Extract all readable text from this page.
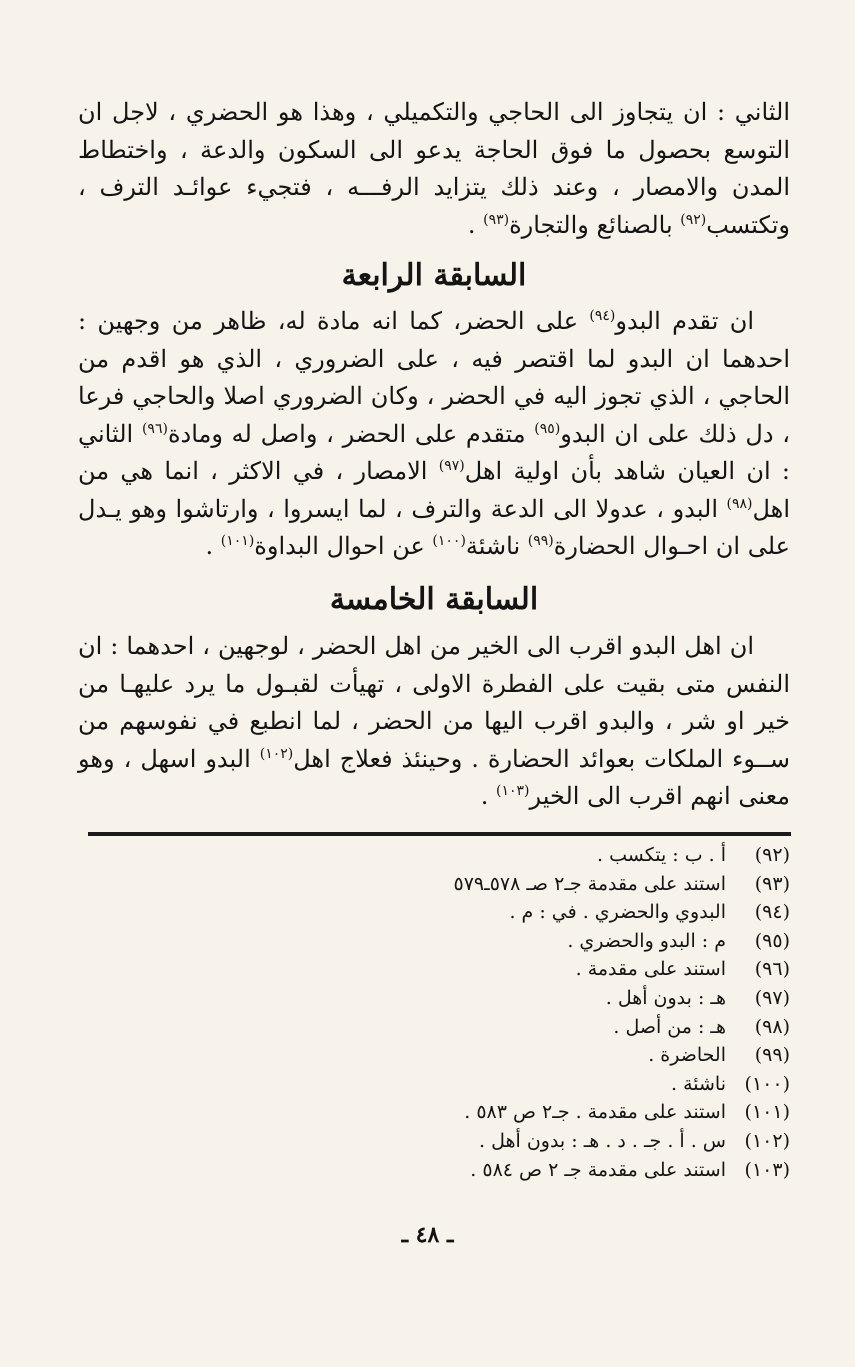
الثاني : ان يتجاوز الى الحاجي والتكميلي ، وهذا هو الحضري ، لاجل ان التوسع بحصول ما فوق الحاجة يدعو الى السكون والدعة ، واختطاط المدن والامصار ، وعند ذلك يتزايد الرفـــه ، فتجيء عوائـد الترف ، وتكتسب$^{(٩٢)}$ بالصنائع والتجارة$^{(٩٣)}$ .

السابقة الرابعة

ان تقدم البدو$^{(٩٤)}$ على الحضر، كما انه مادة له، ظاهر من وجهين : احدهما ان البدو لما اقتصر فيه ، على الضروري ، الذي هو اقدم من الحاجي ، الذي تجوز اليه في الحضر ، وكان الضروري اصلا والحاجي فرعا ، دل ذلك على ان البدو$^{(٩٥)}$ متقدم على الحضر ، واصل له ومادة$^{(٩٦)}$ الثاني : ان العيان شاهد بأن اولية اهل$^{(٩٧)}$ الامصار ، في الاكثر ، انما هي من اهل$^{(٩٨)}$ البدو ، عدولا الى الدعة والترف ، لما ايسروا ، وارتاشوا وهو يـدل على ان احـوال الحضارة$^{(٩٩)}$ ناشئة$^{(١٠٠)}$ عن احوال البداوة$^{(١٠١)}$ .

السابقة الخامسة

ان اهل البدو اقرب الى الخير من اهل الحضر ، لوجهين ، احدهما : ان النفس متى بقيت على الفطرة الاولى ، تهيأت لقبـول ما يرد عليهـا من خير او شر ، والبدو اقرب اليها من الحضر ، لما انطبع في نفوسهم من ســوء الملكات بعوائد الحضارة . وحينئذ فعلاج اهل$^{(١٠٢)}$ البدو اسهل ، وهو معنى انهم اقرب الى الخير$^{(١٠٣)}$ .

(٩٢)
أ . ب : يتكسب .
(٩٣)
استند على مقدمة جـ٢ صـ ٥٧٨ـ٥٧٩
(٩٤)
البدوي والحضري . في : م .
(٩٥)
م : البدو والحضري .
(٩٦)
استند على مقدمة .
(٩٧)
هـ : بدون أهل .
(٩٨)
هـ : من أصل .
(٩٩)
الحاضرة .
(١٠٠)
ناشئة .
(١٠١)
استند على مقدمة . جـ٢ ص ٥٨٣ .
(١٠٢)
س . أ . جـ . د . هـ : بدون أهل .
(١٠٣)
استند على مقدمة جـ ٢ ص ٥٨٤ .
ـ ٤٨ ـ
